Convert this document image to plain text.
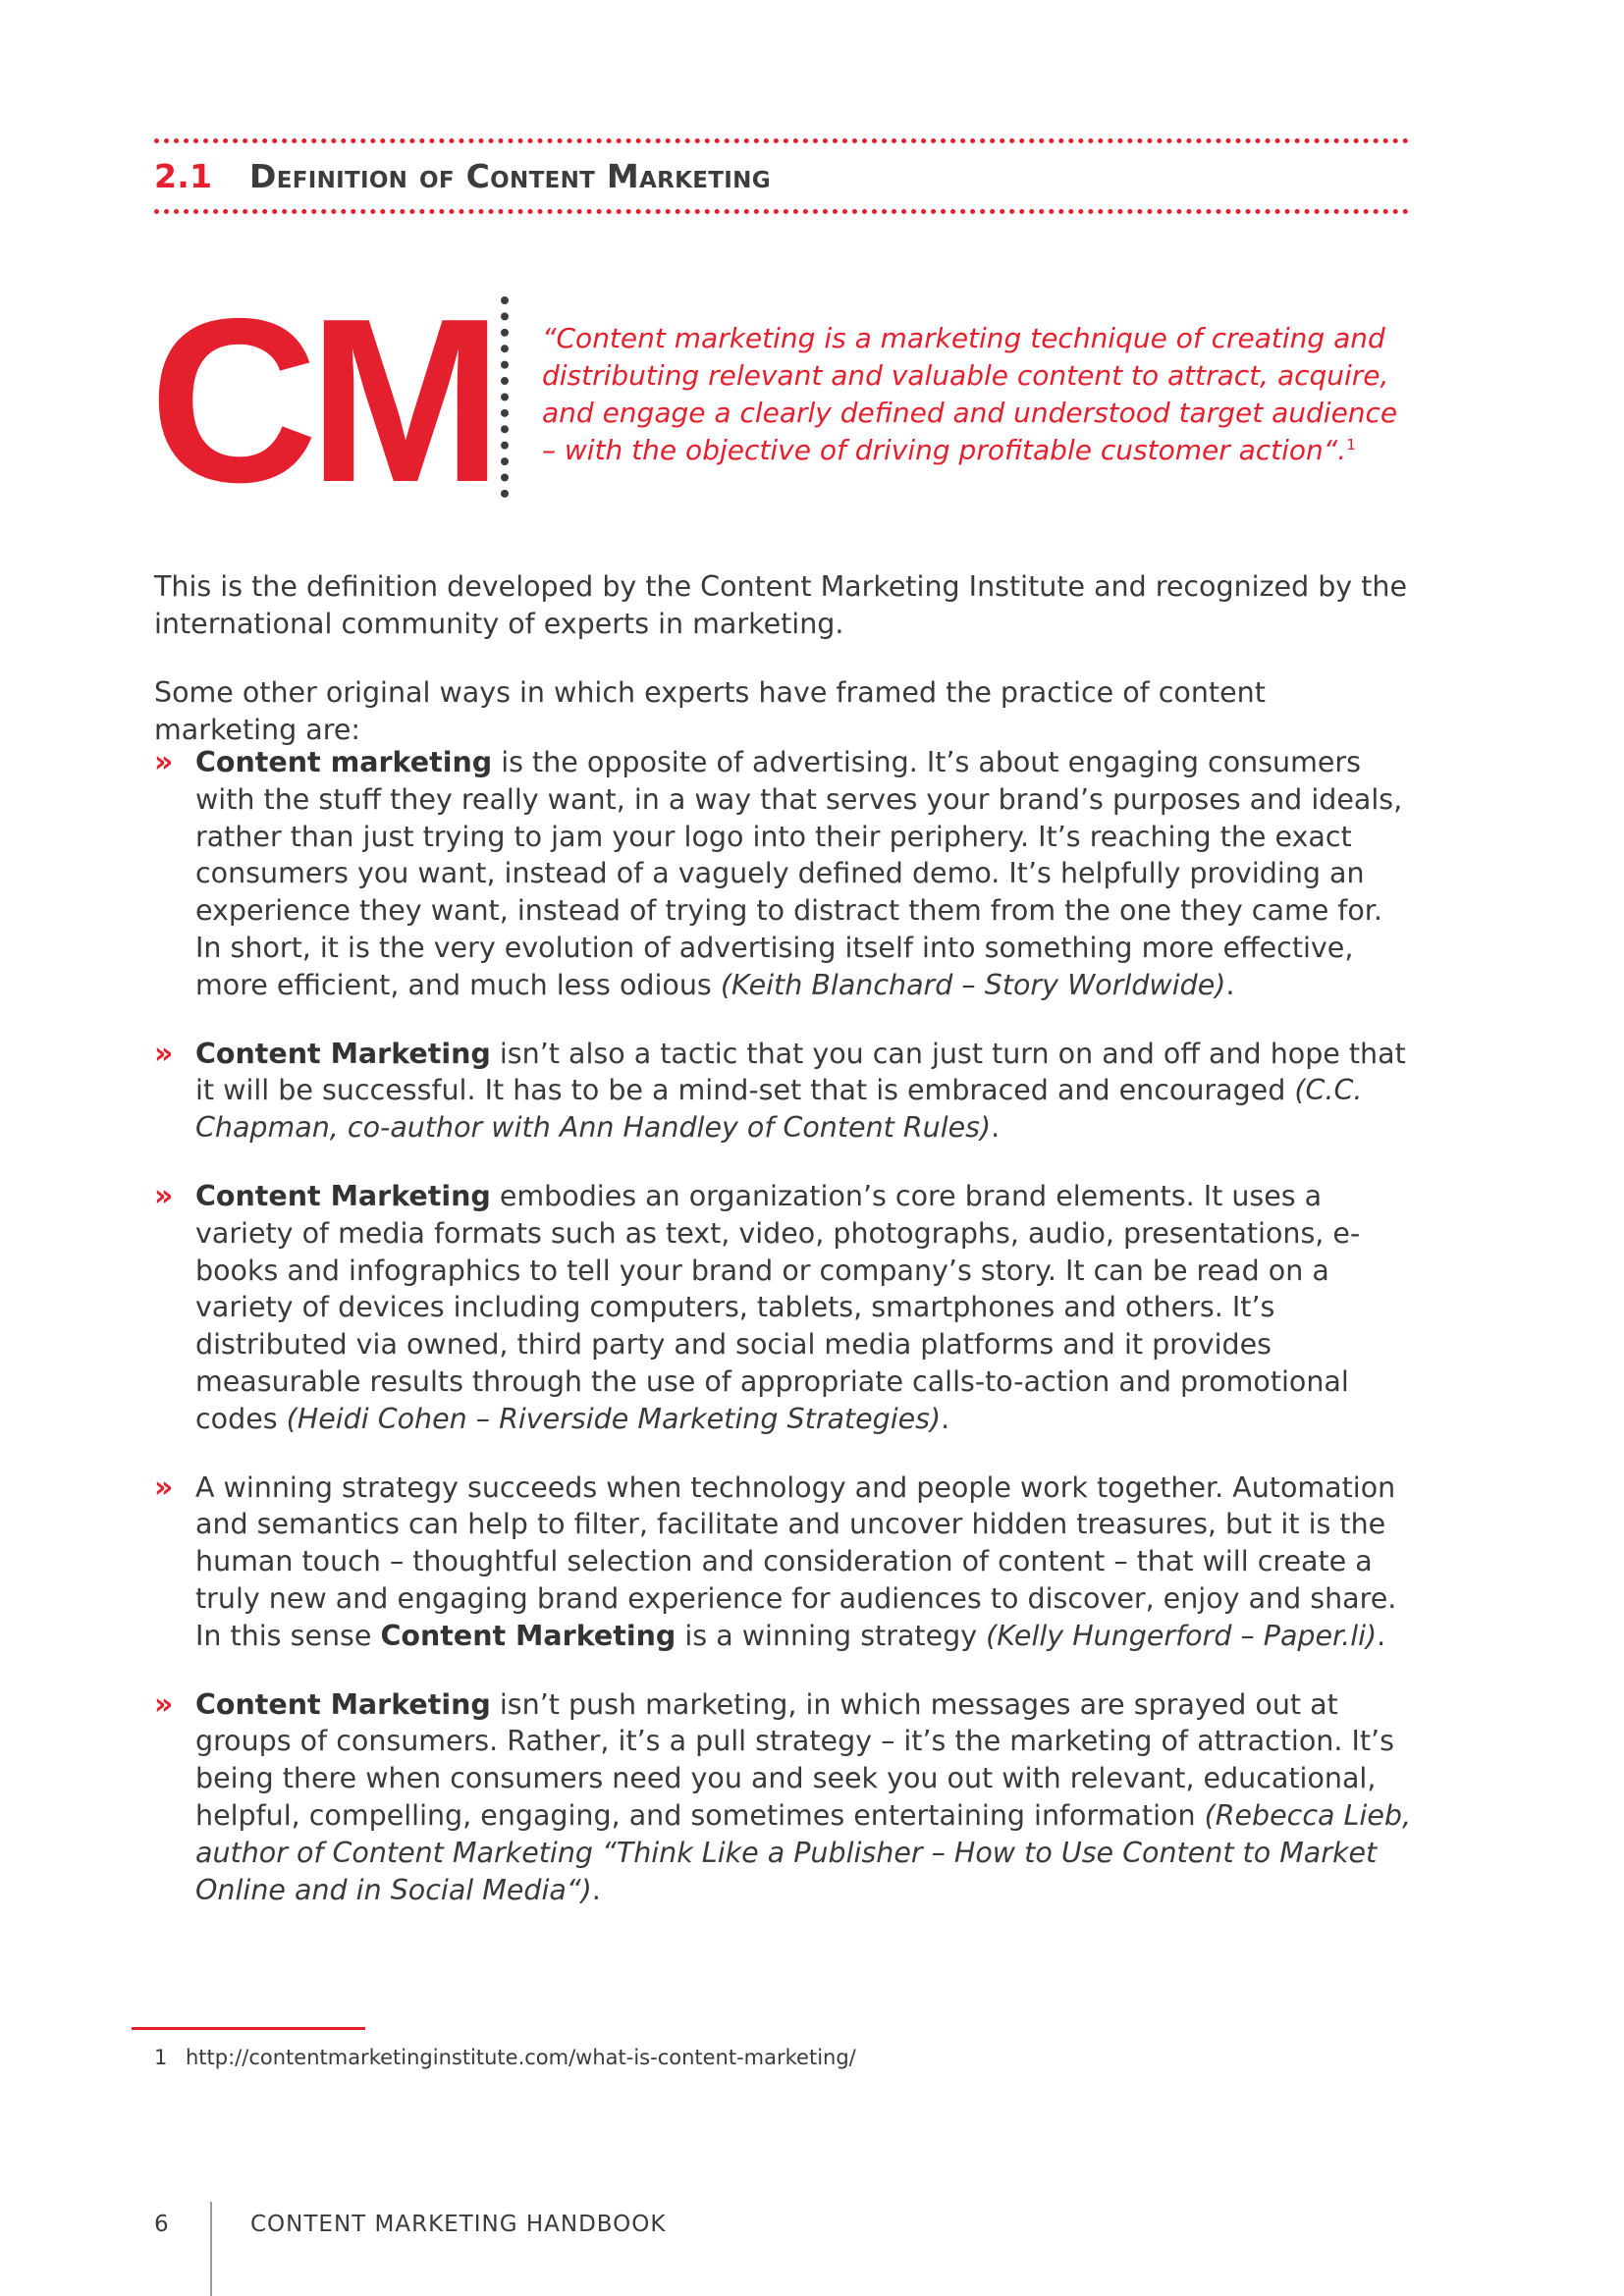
2.1 Definition of Content Marketing
CM “Content marketing is a marketing technique of creating and distributing relevant and valuable content to attract, acquire, and engage a clearly defined and understood target audience – with the objective of driving profitable customer action“.$^1$

This is the definition developed by the Content Marketing Institute and recognized by the international community of experts in marketing.

Some other original ways in which experts have framed the practice of content marketing are:

» Content marketing is the opposite of advertising. It’s about engaging consumers with the stuff they really want, in a way that serves your brand’s purposes and ideals, rather than just trying to jam your logo into their periphery. It’s reaching the exact consumers you want, instead of a vaguely defined demo. It’s helpfully providing an experience they want, instead of trying to distract them from the one they came for. In short, it is the very evolution of advertising itself into something more effective, more efficient, and much less odious (Keith Blanchard – Story Worldwide).
» Content Marketing isn’t also a tactic that you can just turn on and off and hope that it will be successful. It has to be a mind-set that is embraced and encouraged (C.C. Chapman, co-author with Ann Handley of Content Rules).
» Content Marketing embodies an organization’s core brand elements. It uses a variety of media formats such as text, video, photographs, audio, presentations, e-books and infographics to tell your brand or company’s story. It can be read on a variety of devices including computers, tablets, smartphones and others. It’s distributed via owned, third party and social media platforms and it provides measurable results through the use of appropriate calls-to-action and promotional codes (Heidi Cohen – Riverside Marketing Strategies).
» A winning strategy succeeds when technology and people work together. Automation and semantics can help to filter, facilitate and uncover hidden treasures, but it is the human touch – thoughtful selection and consideration of content – that will create a truly new and engaging brand experience for audiences to discover, enjoy and share. In this sense Content Marketing is a winning strategy (Kelly Hungerford – Paper.li).
» Content Marketing isn’t push marketing, in which messages are sprayed out at groups of consumers. Rather, it’s a pull strategy – it’s the marketing of attraction. It’s being there when consumers need you and seek you out with relevant, educational, helpful, compelling, engaging, and sometimes entertaining information (Rebecca Lieb, author of Content Marketing “Think Like a Publisher – How to Use Content to Market Online and in Social Media“).
1 http://contentmarketinginstitute.com/what-is-content-marketing/
6	CONTENT MARKETING HANDBOOK
